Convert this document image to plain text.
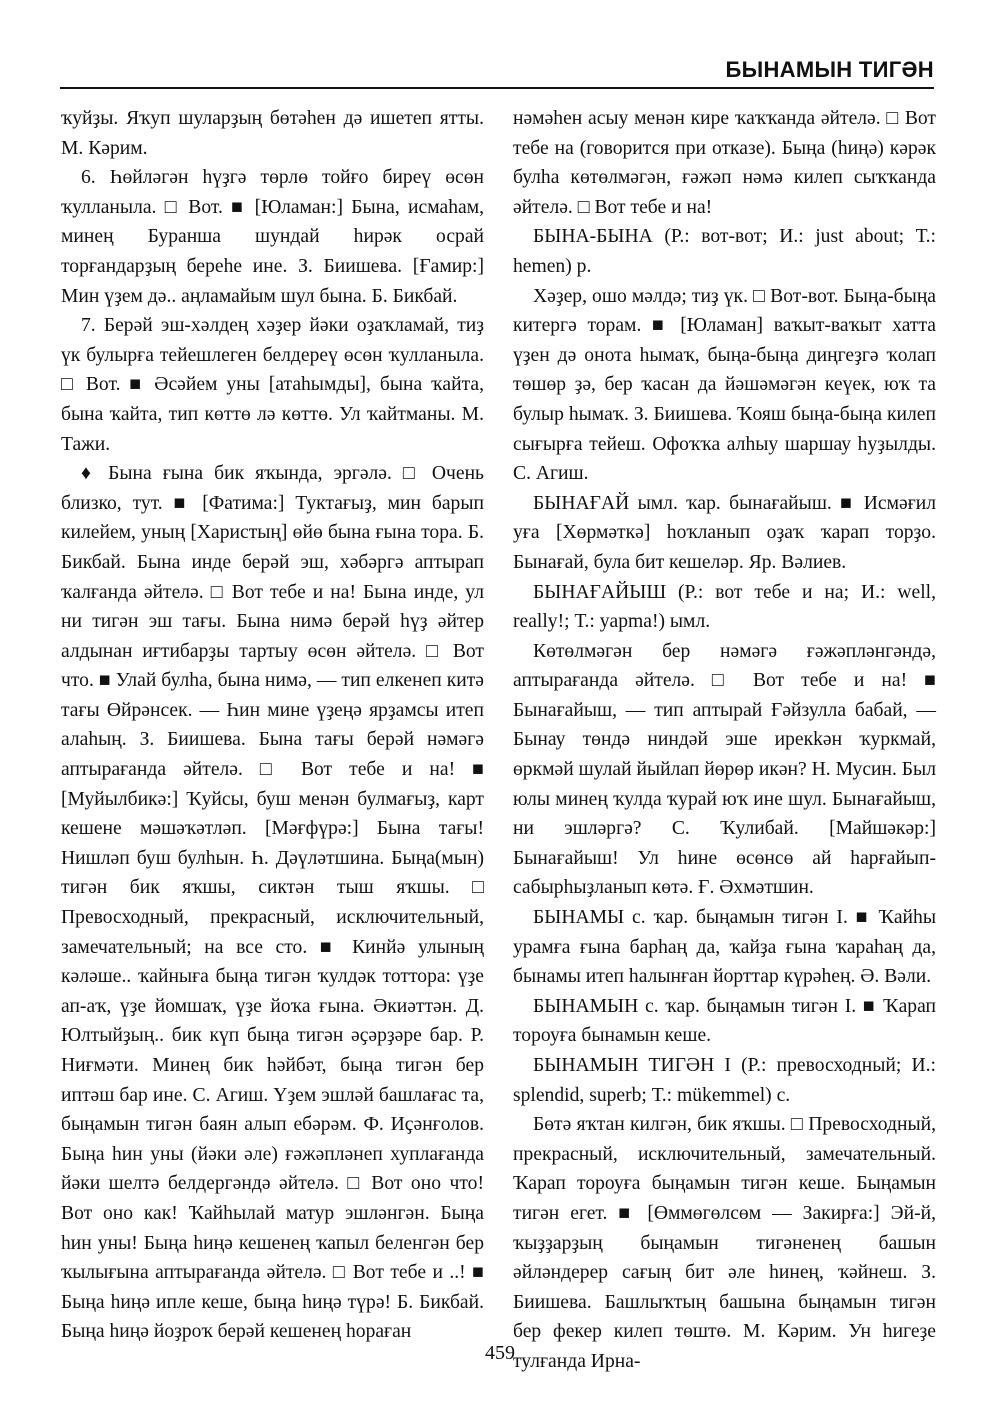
БЫНАМЫН ТИГӘН

ҡуйҙы. Яҡуп шуларҙың бөтәһен дә ишетеп ятты. М. Кәрим.

6. Һөйләгән һүҙгә төрлө тойғо биреү өсөн ҡулланыла. □ Вот. ■ [Юламан:] Бына, исмаһам, минең Буранша шундай һирәк осрай торғандарҙың береһе ине. З. Биишева. [Ғамир:] Мин үҙем дә.. аңламайым шул бына. Б. Бикбай.

7. Берәй эш-хәлдең хәҙер йәки оҙаҡламай, тиҙ үк булырға тейешлеген белдереү өсөн ҡулланыла. □ Вот. ■ Әсәйем уны [атаһымды], бына ҡайта, бына ҡайта, тип көттө лә көттө. Ул ҡайтманы. М. Тажи.

♦ Бына ғына бик яҡында, эргәлә. □ Очень близко, тут. ■ [Фатима:] Туктағыҙ, мин барып килейем, уның [Харистың] өйө бына ғына тора. Б. Бикбай. Бына инде берәй эш, хәбәргә аптырап ҡалғанда әйтелә. □ Вот тебе и на! Бына инде, ул ни тигән эш тағы. Бына нимә берәй һүҙ әйтер алдынан иғтибарҙы тартыу өсөн әйтелә. □ Вот что. ■ Улай булһа, бына нимә, — тип елкенеп китә тағы Өйрәнсек. — Һин мине үҙеңә ярҙамсы итеп алаһың. З. Биишева. Бына тағы берәй нәмәгә аптырағанда әйтелә. □ Вот тебе и на! ■ [Муйылбикә:] Ҡуйсы, буш менән булмағыҙ, карт кешене мәшәҡәтләп. [Мәғфүрә:] Бына тағы! Нишләп буш булһын. Һ. Дәүләтшина. Быңа(мын) тигән бик яҡшы, сиктән тыш яҡшы. □ Превосходный, прекрасный, исключительный, замечательный; на все сто. ■ Кинйә улының кәләше.. ҡайныға быңа тигән ҡулдәк тоттора: үҙе ап-аҡ, үҙе йомшаҡ, үҙе йоҡа ғына. Әкиәттән. Д. Юлтыйҙың.. бик күп быңа тигән әҫәрҙәре бар. Р. Ниғмәти. Минең бик һәйбәт, быңа тигән бер иптәш бар ине. С. Агиш. Үҙем эшләй башлағас та, быңамын тигән баян алып ебәрәм. Ф. Иҫәнғолов. Быңа һин уны (йәки әле) ғәжәпләнеп хуплағанда йәки шелтә белдергәндә әйтелә. □ Вот оно что! Вот оно как! Ҡайһылай матур эшләнгән. Быңа һин уны! Быңа һиңә кешенең ҡапыл беленгән бер ҡылығына аптырағанда әйтелә. □ Вот тебе и ..! ■ Быңа һиңә ипле кеше, быңа һиңә түрә! Б. Бикбай. Быңа һиңә йоҙроҡ берәй кешенең һораған

нәмәһен асыу менән кире ҡаҡҡанда әйтелә. □ Вот тебе на (говорится при отказе). Быңа (һиңә) кәрәк булһа көтөлмәгән, ғәжәп нәмә килеп сыҡҡанда әйтелә. □ Вот тебе и на!

БЫНА-БЫНА (Р.: вот-вот; И.: just about; Т.: hemen) р.

Хәҙер, ошо мәлдә; тиҙ үк. □ Вот-вот. Быңа-быңа китергә торам. ■ [Юламан] ваҡыт-ваҡыт хатта үҙен дә онота һымаҡ, быңа-быңа диңгеҙгә ҡолап төшөр ҙә, бер ҡасан да йәшәмәгән кеүек, юҡ та булыр һымаҡ. З. Биишева. Ҡояш быңа-быңа килеп сығырға тейеш. Офоҡҡа алһыу шаршау һуҙылды. С. Агиш.

БЫНАҒАЙ ымл. ҡар. бынағайыш. ■ Исмәғил уға [Хөрмәткә] һоҡланып оҙаҡ ҡарап торҙо. Бынағай, була бит кешеләр. Яр. Вәлиев.

БЫНАҒАЙЫШ (Р.: вот тебе и на; И.: well, really!; Т.: yapma!) ымл.

Көтөлмәгән бер нәмәгә ғәжәпләнгәндә, аптырағанда әйтелә. □ Вот тебе и на! ■ Бынағайыш, — тип аптырай Ғәйзулла бабай, — Бынау төндә ниндәй эше ирекkән ҡуркмай, өркмәй шулай йыйлап йөрөр икән? Н. Мусин. Был юлы минең ҡулда ҡурай юҡ ине шул. Бынағайыш, ни эшләргә? С. Ҡулибай. [Майшәкәр:] Бынағайыш! Ул һине өсөнсө ай һарғайып-сабырһыҙланып көтә. Ғ. Әхмәтшин.

БЫНАМЫ с. ҡар. быңамын тигән I. ■ Ҡайһы урамға ғына барһаң да, ҡайҙа ғына ҡараһаң да, бынамы итеп һалынған йорттар күрәһең. Ә. Вәли.

БЫНАМЫН с. ҡар. быңамын тигән I. ■ Ҡарап тороуға бынамын кеше.

БЫНАМЫН ТИГӘН I (Р.: превосходный; И.: splendid, superb; Т.: mükemmel) с.

Бөтә яҡтан килгән, бик яҡшы. □ Превосходный, прекрасный, исключительный, замечательный. Ҡарап тороуға быңамын тигән кеше. Быңамын тигән егет. ■ [Өммөгөлсөм — Закирға:] Эй-й, ҡыҙҙарҙың быңамын тигәненең башын әйләндерер сағың бит әле һинең, ҡәйнеш. З. Биишева. Башлыҡтың башына быңамын тигән бер фекер килеп төштө. М. Кәрим. Ун һигеҙе тулғанда Ирна-

459
